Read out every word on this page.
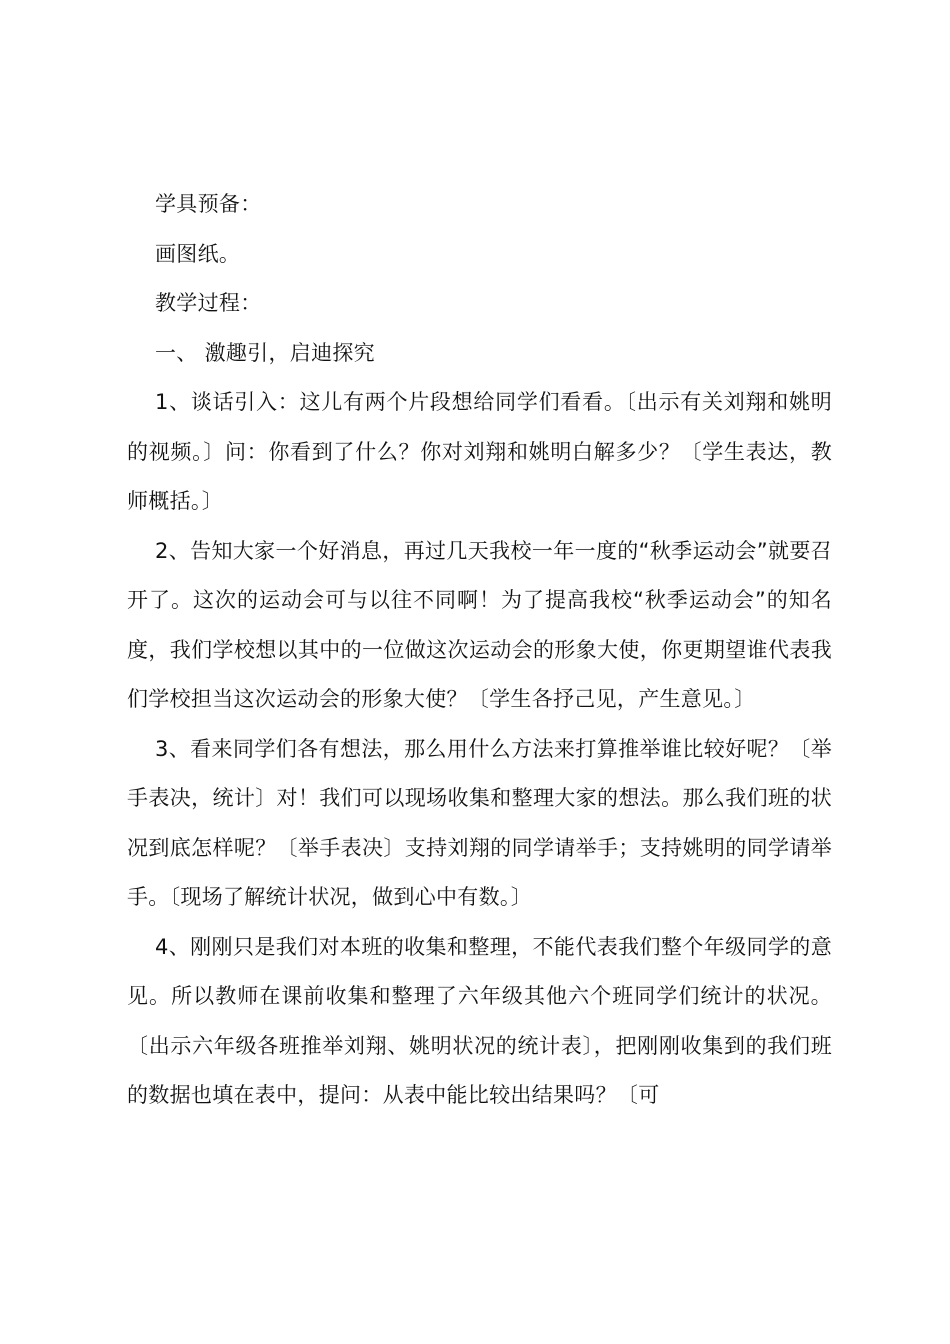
学具预备：

画图纸。

教学过程：

一、 激趣引，启迪探究

1、谈话引入：这儿有两个片段想给同学们看看。〔出示有关刘翔和姚明的视频。〕问：你看到了什么？你对刘翔和姚明白解多少？〔学生表达，教师概括。〕

2、告知大家一个好消息，再过几天我校一年一度的“秋季运动会”就要召开了。这次的运动会可与以往不同啊！为了提高我校“秋季运动会”的知名度，我们学校想以其中的一位做这次运动会的形象大使，你更期望谁代表我们学校担当这次运动会的形象大使？〔学生各抒己见，产生意见。〕

3、看来同学们各有想法，那么用什么方法来打算推举谁比较好呢？〔举手表决，统计〕对！我们可以现场收集和整理大家的想法。那么我们班的状况到底怎样呢？〔举手表决〕支持刘翔的同学请举手；支持姚明的同学请举手。〔现场了解统计状况，做到心中有数。〕

4、刚刚只是我们对本班的收集和整理，不能代表我们整个年级同学的意见。所以教师在课前收集和整理了六年级其他六个班同学们统计的状况。〔出示六年级各班推举刘翔、姚明状况的统计表〕，把刚刚收集到的我们班的数据也填在表中，提问：从表中能比较出结果吗？〔可
